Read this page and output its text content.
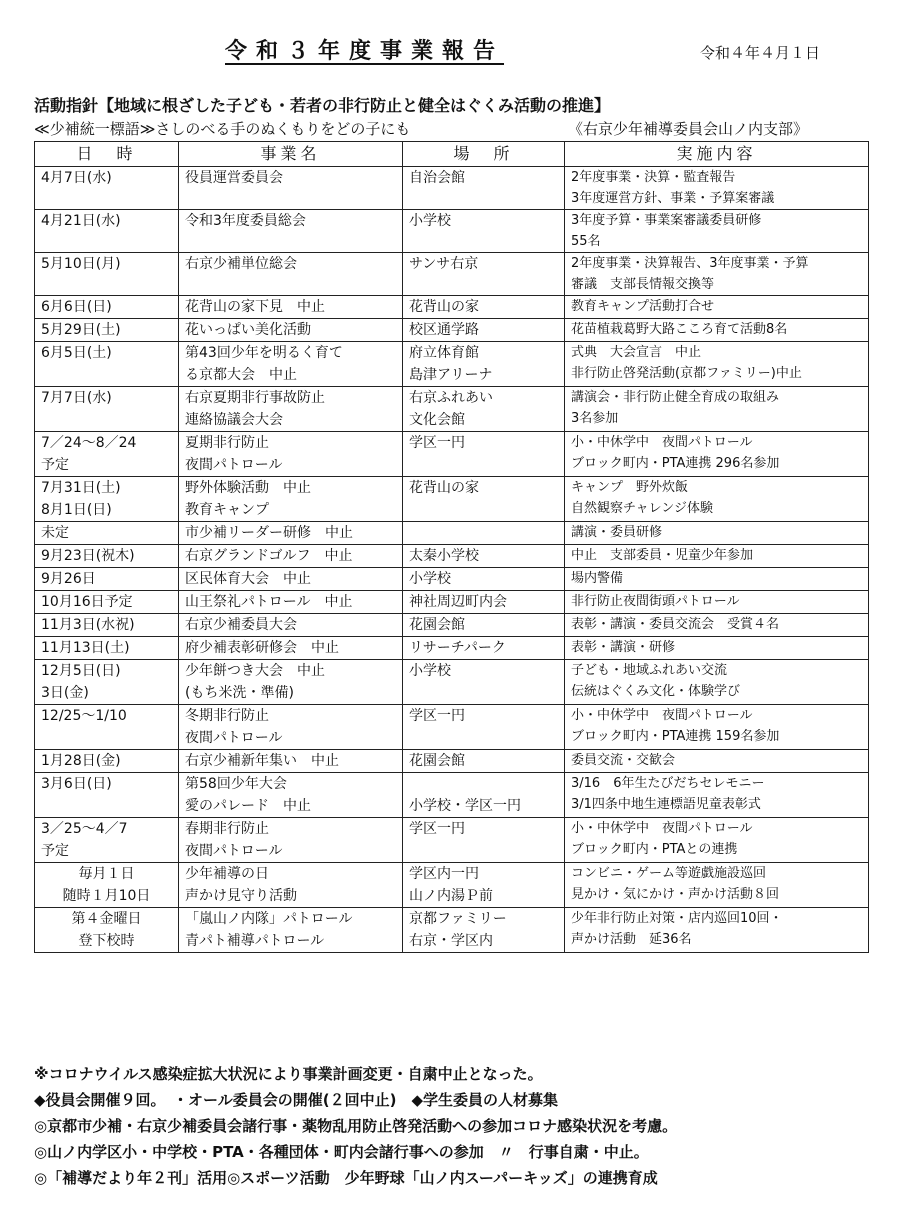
令和３年度事業報告	令和４年４月１日
活動指針【地域に根ざした子ども・若者の非行防止と健全はぐくみ活動の推進】
≪少補統一標語≫さしのべる手のぬくもりをどの子にも	《右京少年補導委員会山ノ内支部》
日　時	事業名	場　所	実施内容

4月7日(水)	役員運営委員会	自治会館	2年度事業・決算・監査報告
3年度運営方針、事業・予算案審議

4月21日(水)	令和3年度委員総会	小学校	3年度予算・事業案審議委員研修
55名

5月10日(月)	右京少補単位総会	サンサ右京	2年度事業・決算報告、3年度事業・予算
審議　支部長情報交換等

6月6日(日)	花背山の家下見　中止	花背山の家	教育キャンプ活動打合せ

5月29日(土)	花いっぱい美化活動	校区通学路	花苗植栽葛野大路こころ育て活動8名

6月5日(土)	第43回少年を明るく育て
る京都大会　中止	府立体育館
島津アリーナ	式典　大会宣言　中止
非行防止啓発活動(京都ファミリー)中止

7月7日(水)	右京夏期非行事故防止
連絡協議会大会	右京ふれあい
文化会館	講演会・非行防止健全育成の取組み
3名参加

7／24～8／24
予定	夏期非行防止
夜間パトロール	学区一円	小・中休学中　夜間パトロール
ブロック町内・PTA連携 296名参加

7月31日(土)
8月1日(日)	野外体験活動　中止
教育キャンプ	花背山の家	キャンプ　野外炊飯
自然観察チャレンジ体験

未定	市少補リーダー研修　中止		講演・委員研修

9月23日(祝木)	右京グランドゴルフ　中止	太秦小学校	中止　支部委員・児童少年参加

9月26日	区民体育大会　中止	小学校	場内警備

10月16日予定	山王祭礼パトロール　中止	神社周辺町内会	非行防止夜間街頭パトロール

11月3日(水祝)	右京少補委員大会	花園会館	表彰・講演・委員交流会　受賞４名

11月13日(土)	府少補表彰研修会　中止	リサーチパーク	表彰・講演・研修

12月5日(日)
3日(金)	少年餅つき大会　中止
(もち米洗・準備)	小学校	子ども・地域ふれあい交流
伝統はぐくみ文化・体験学び

12/25～1/10	冬期非行防止
夜間パトロール	学区一円	小・中休学中　夜間パトロール
ブロック町内・PTA連携 159名参加

1月28日(金)	右京少補新年集い　中止	花園会館	委員交流・交歓会

3月6日(日)	第58回少年大会
愛のパレード　中止	小学校・学区一円	3/16　6年生たびだちセレモニー
3/1四条中地生連標語児童表彰式

3／25～4／7
予定	春期非行防止
夜間パトロール	学区一円	小・中休学中　夜間パトロール
ブロック町内・PTAとの連携

毎月１日
随時１月10日	少年補導の日
声かけ見守り活動	学区内一円
山ノ内湯Ｐ前	コンビニ・ゲーム等遊戯施設巡回
見かけ・気にかけ・声かけ活動８回

第４金曜日
登下校時	「嵐山ノ内隊」パトロール
青パト補導パトロール	京都ファミリー
右京・学区内	少年非行防止対策・店内巡回10回・
声かけ活動　延36名
※コロナウイルス感染症拡大状況により事業計画変更・自粛中止となった。
◆役員会開催９回。　・オール委員会の開催(２回中止)　◆学生委員の人材募集
◎京都市少補・右京少補委員会諸行事・薬物乱用防止啓発活動への参加コロナ感染状況を考慮。
◎山ノ内学区小・中学校・PTA・各種団体・町内会諸行事への参加　〃　行事自粛・中止。
◎「補導だより年２刊」活用◎スポーツ活動　少年野球「山ノ内スーパーキッズ」の連携育成
